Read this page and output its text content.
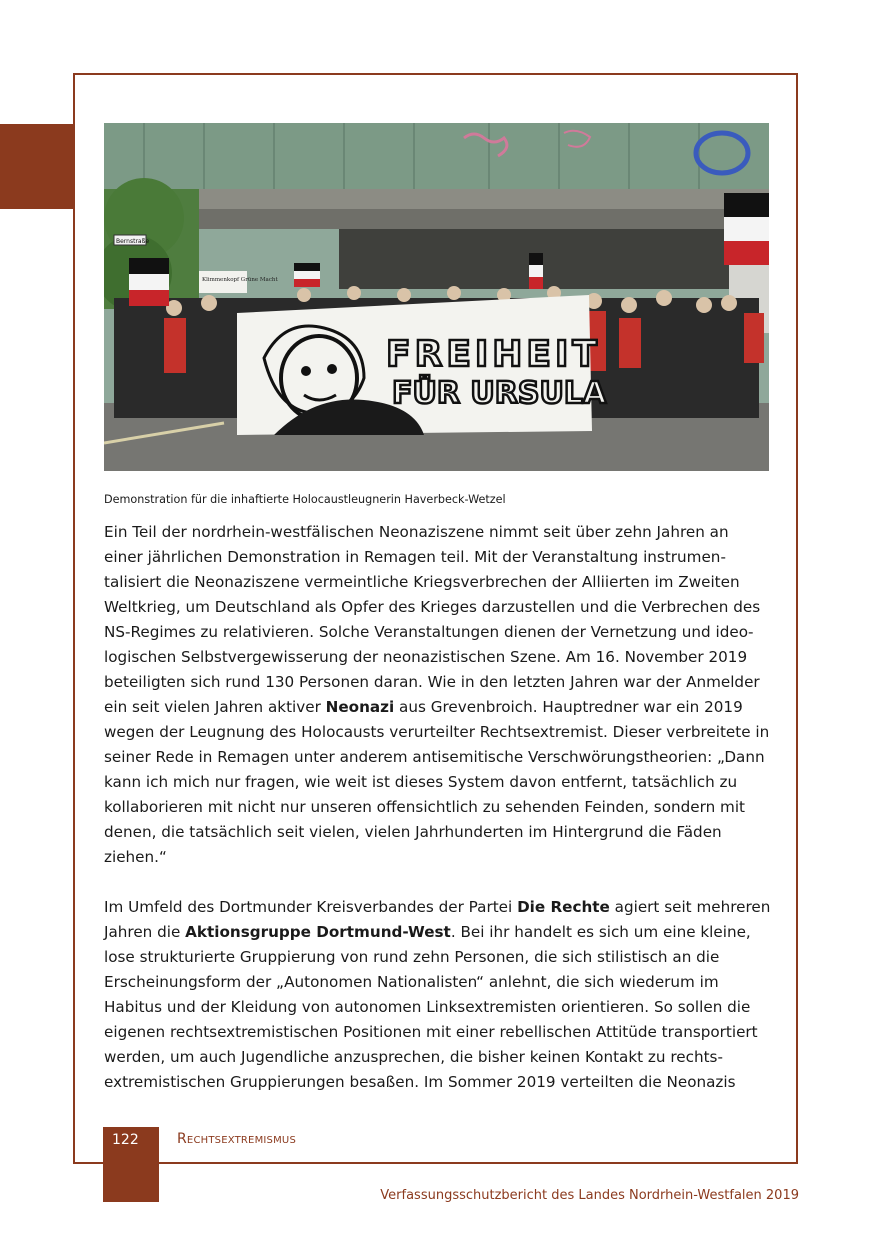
Bernstraße
Klimmenkopf Grüne Macht
FREIHEIT
FÜR URSULA
Demonstration für die inhaftierte Holocaustleugnerin Haverbeck-Wetzel

Ein Teil der nordrhein-westfälischen Neonaziszene nimmt seit über zehn Jahren an einer jährlichen Demonstration in Remagen teil. Mit der Veranstaltung instrumentalisiert die Neonaziszene vermeintliche Kriegsverbrechen der Alliierten im Zweiten Weltkrieg, um Deutschland als Opfer des Krieges darzustellen und die Verbrechen des NS-Regimes zu relativieren. Solche Veranstaltungen dienen der Vernetzung und ideologischen Selbstvergewisserung der neonazistischen Szene. Am 16. November 2019 beteiligten sich rund 130 Personen daran. Wie in den letzten Jahren war der Anmelder ein seit vielen Jahren aktiver Neonazi aus Grevenbroich. Hauptredner war ein 2019 wegen der Leugnung des Holocausts verurteilter Rechtsextremist. Dieser verbreitete in seiner Rede in Remagen unter anderem antisemitische Verschwörungstheorien: „Dann kann ich mich nur fragen, wie weit ist dieses System davon entfernt, tatsächlich zu kollaborieren mit nicht nur unseren offensichtlich zu sehenden Feinden, sondern mit denen, die tatsächlich seit vielen, vielen Jahrhunderten im Hintergrund die Fäden ziehen.“

Im Umfeld des Dortmunder Kreisverbandes der Partei Die Rechte agiert seit mehreren Jahren die Aktionsgruppe Dortmund-West. Bei ihr handelt es sich um eine kleine, lose strukturierte Gruppierung von rund zehn Personen, die sich stilistisch an die Erscheinungsform der „Autonomen Nationalisten“ anlehnt, die sich wiederum im Habitus und der Kleidung von autonomen Linksextremisten orientieren. So sollen die eigenen rechtsextremistischen Positionen mit einer rebellischen Attitüde transportiert werden, um auch Jugendliche anzusprechen, die bisher keinen Kontakt zu rechtsextremistischen Gruppierungen besaßen. Im Sommer 2019 verteilten die Neonazis

122	Rechtsextremismus
Verfassungsschutzbericht des Landes Nordrhein-Westfalen 2019
